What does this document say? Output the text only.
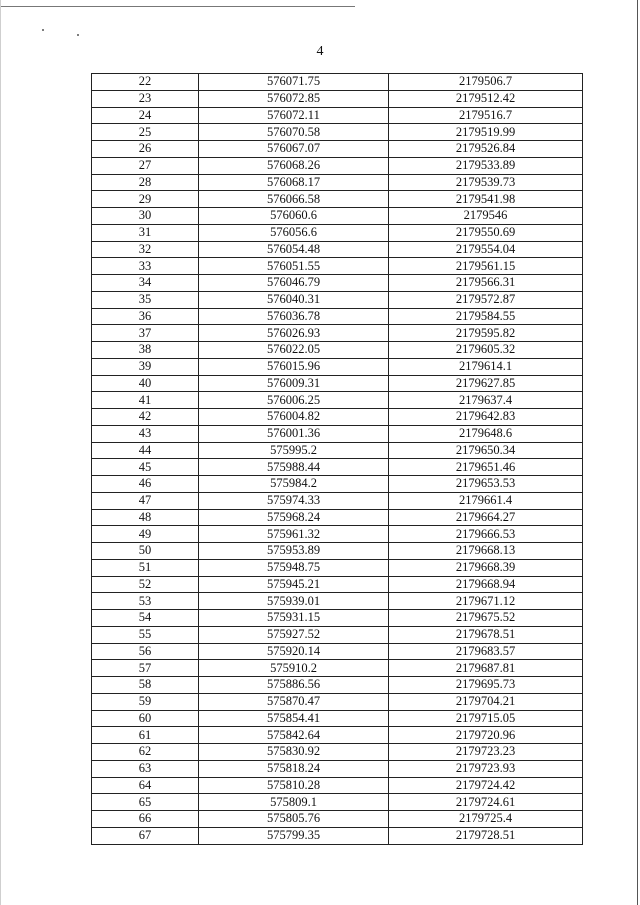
4
22	576071.75	2179506.7
23	576072.85	2179512.42
24	576072.11	2179516.7
25	576070.58	2179519.99
26	576067.07	2179526.84
27	576068.26	2179533.89
28	576068.17	2179539.73
29	576066.58	2179541.98
30	576060.6	2179546
31	576056.6	2179550.69
32	576054.48	2179554.04
33	576051.55	2179561.15
34	576046.79	2179566.31
35	576040.31	2179572.87
36	576036.78	2179584.55
37	576026.93	2179595.82
38	576022.05	2179605.32
39	576015.96	2179614.1
40	576009.31	2179627.85
41	576006.25	2179637.4
42	576004.82	2179642.83
43	576001.36	2179648.6
44	575995.2	2179650.34
45	575988.44	2179651.46
46	575984.2	2179653.53
47	575974.33	2179661.4
48	575968.24	2179664.27
49	575961.32	2179666.53
50	575953.89	2179668.13
51	575948.75	2179668.39
52	575945.21	2179668.94
53	575939.01	2179671.12
54	575931.15	2179675.52
55	575927.52	2179678.51
56	575920.14	2179683.57
57	575910.2	2179687.81
58	575886.56	2179695.73
59	575870.47	2179704.21
60	575854.41	2179715.05
61	575842.64	2179720.96
62	575830.92	2179723.23
63	575818.24	2179723.93
64	575810.28	2179724.42
65	575809.1	2179724.61
66	575805.76	2179725.4
67	575799.35	2179728.51
